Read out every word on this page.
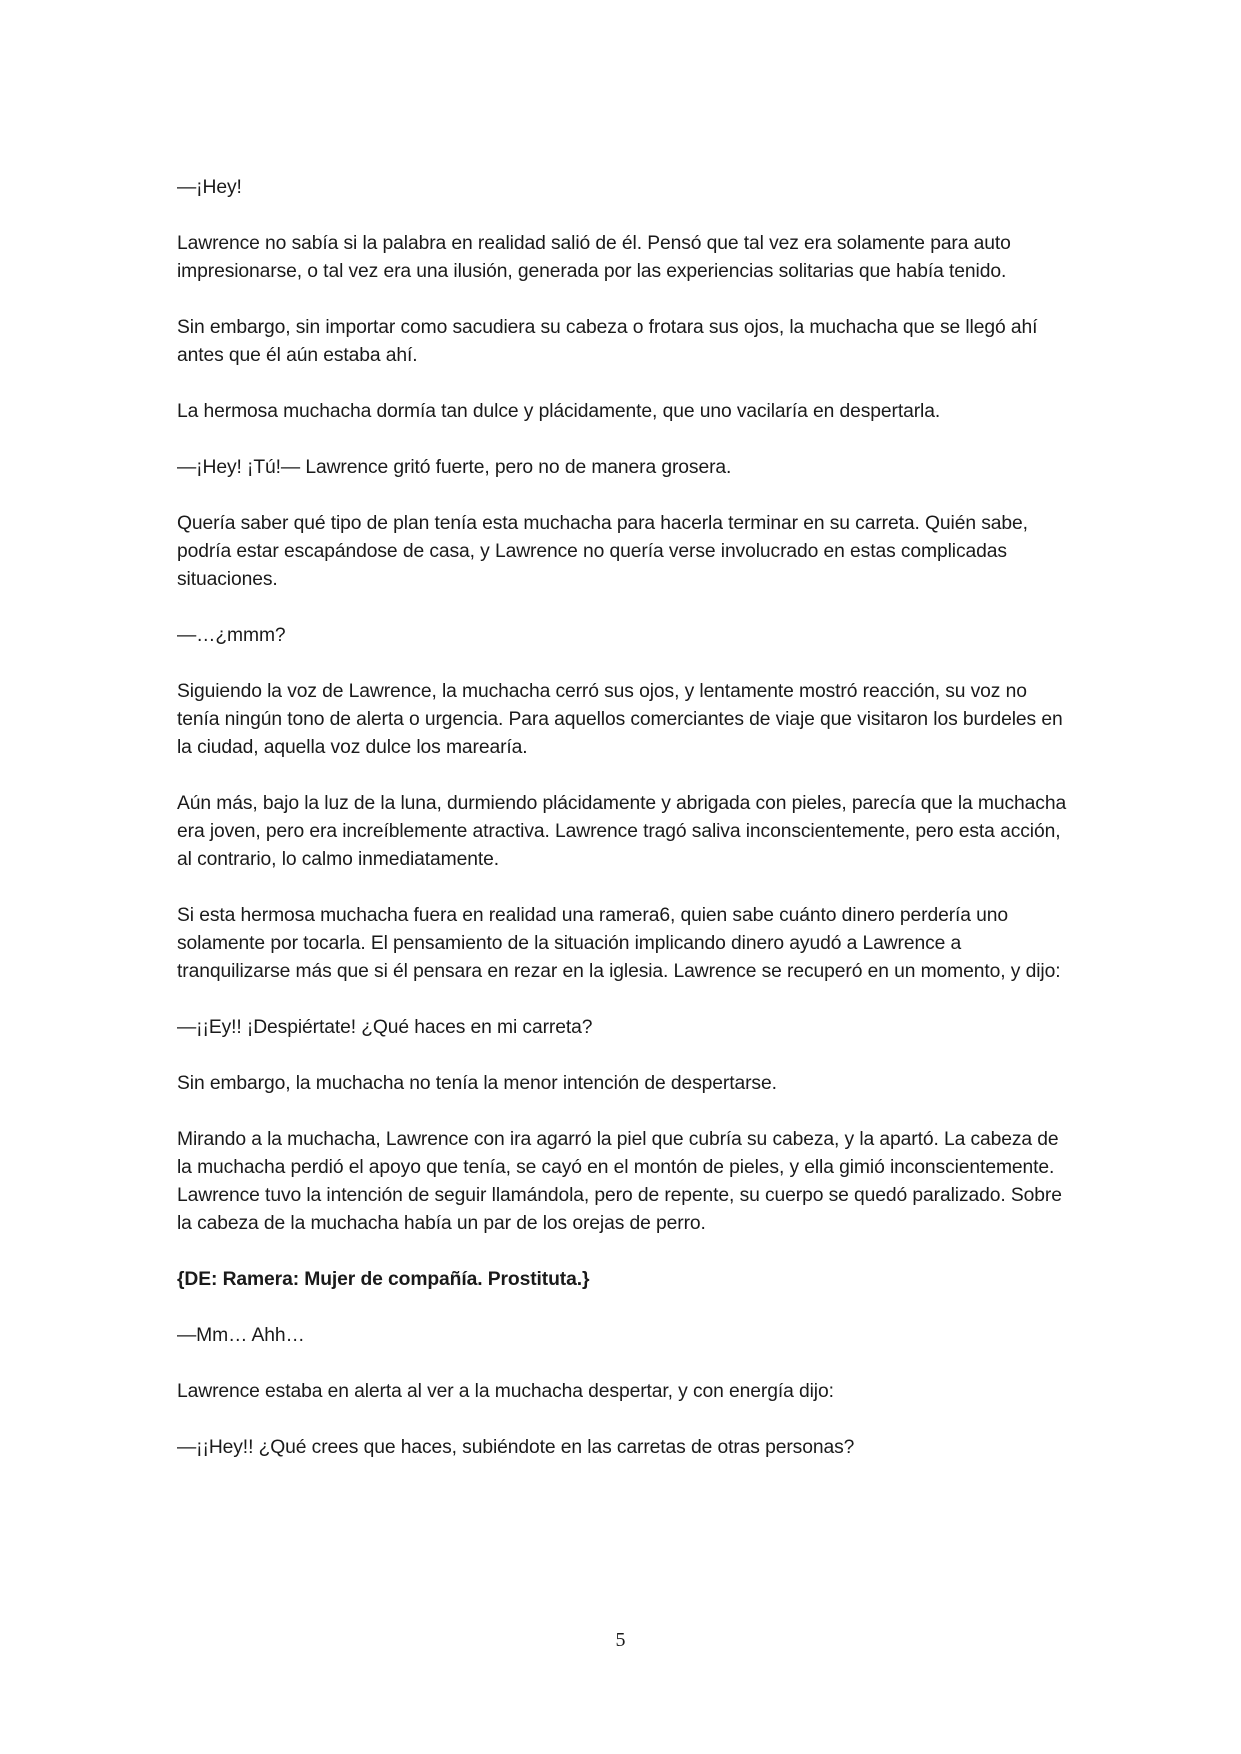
—¡Hey!

Lawrence no sabía si la palabra en realidad salió de él. Pensó que tal vez era solamente para auto impresionarse, o tal vez era una ilusión, generada por las experiencias solitarias que había tenido.

Sin embargo, sin importar como sacudiera su cabeza o frotara sus ojos, la muchacha que se llegó ahí antes que él aún estaba ahí.

La hermosa muchacha dormía tan dulce y plácidamente, que uno vacilaría en despertarla.

—¡Hey! ¡Tú!— Lawrence gritó fuerte, pero no de manera grosera.

Quería saber qué tipo de plan tenía esta muchacha para hacerla terminar en su carreta. Quién sabe, podría estar escapándose de casa, y Lawrence no quería verse involucrado en estas complicadas situaciones.

—…¿mmm?

Siguiendo la voz de Lawrence, la muchacha cerró sus ojos, y lentamente mostró reacción, su voz no tenía ningún tono de alerta o urgencia. Para aquellos comerciantes de viaje que visitaron los burdeles en la ciudad, aquella voz dulce los marearía.

Aún más, bajo la luz de la luna, durmiendo plácidamente y abrigada con pieles, parecía que la muchacha era joven, pero era increíblemente atractiva. Lawrence tragó saliva inconscientemente, pero esta acción, al contrario, lo calmo inmediatamente.

Si esta hermosa muchacha fuera en realidad una ramera6, quien sabe cuánto dinero perdería uno solamente por tocarla. El pensamiento de la situación implicando dinero ayudó a Lawrence a tranquilizarse más que si él pensara en rezar en la iglesia. Lawrence se recuperó en un momento, y dijo:

—¡¡Ey!! ¡Despiértate! ¿Qué haces en mi carreta?

Sin embargo, la muchacha no tenía la menor intención de despertarse.

Mirando a la muchacha, Lawrence con ira agarró la piel que cubría su cabeza, y la apartó. La cabeza de la muchacha perdió el apoyo que tenía, se cayó en el montón de pieles, y ella gimió inconscientemente. Lawrence tuvo la intención de seguir llamándola, pero de repente, su cuerpo se quedó paralizado. Sobre la cabeza de la muchacha había un par de los orejas de perro.

{DE: Ramera: Mujer de compañía. Prostituta.}

—Mm… Ahh…

Lawrence estaba en alerta al ver a la muchacha despertar, y con energía dijo:

—¡¡Hey!! ¿Qué crees que haces, subiéndote en las carretas de otras personas?

5
